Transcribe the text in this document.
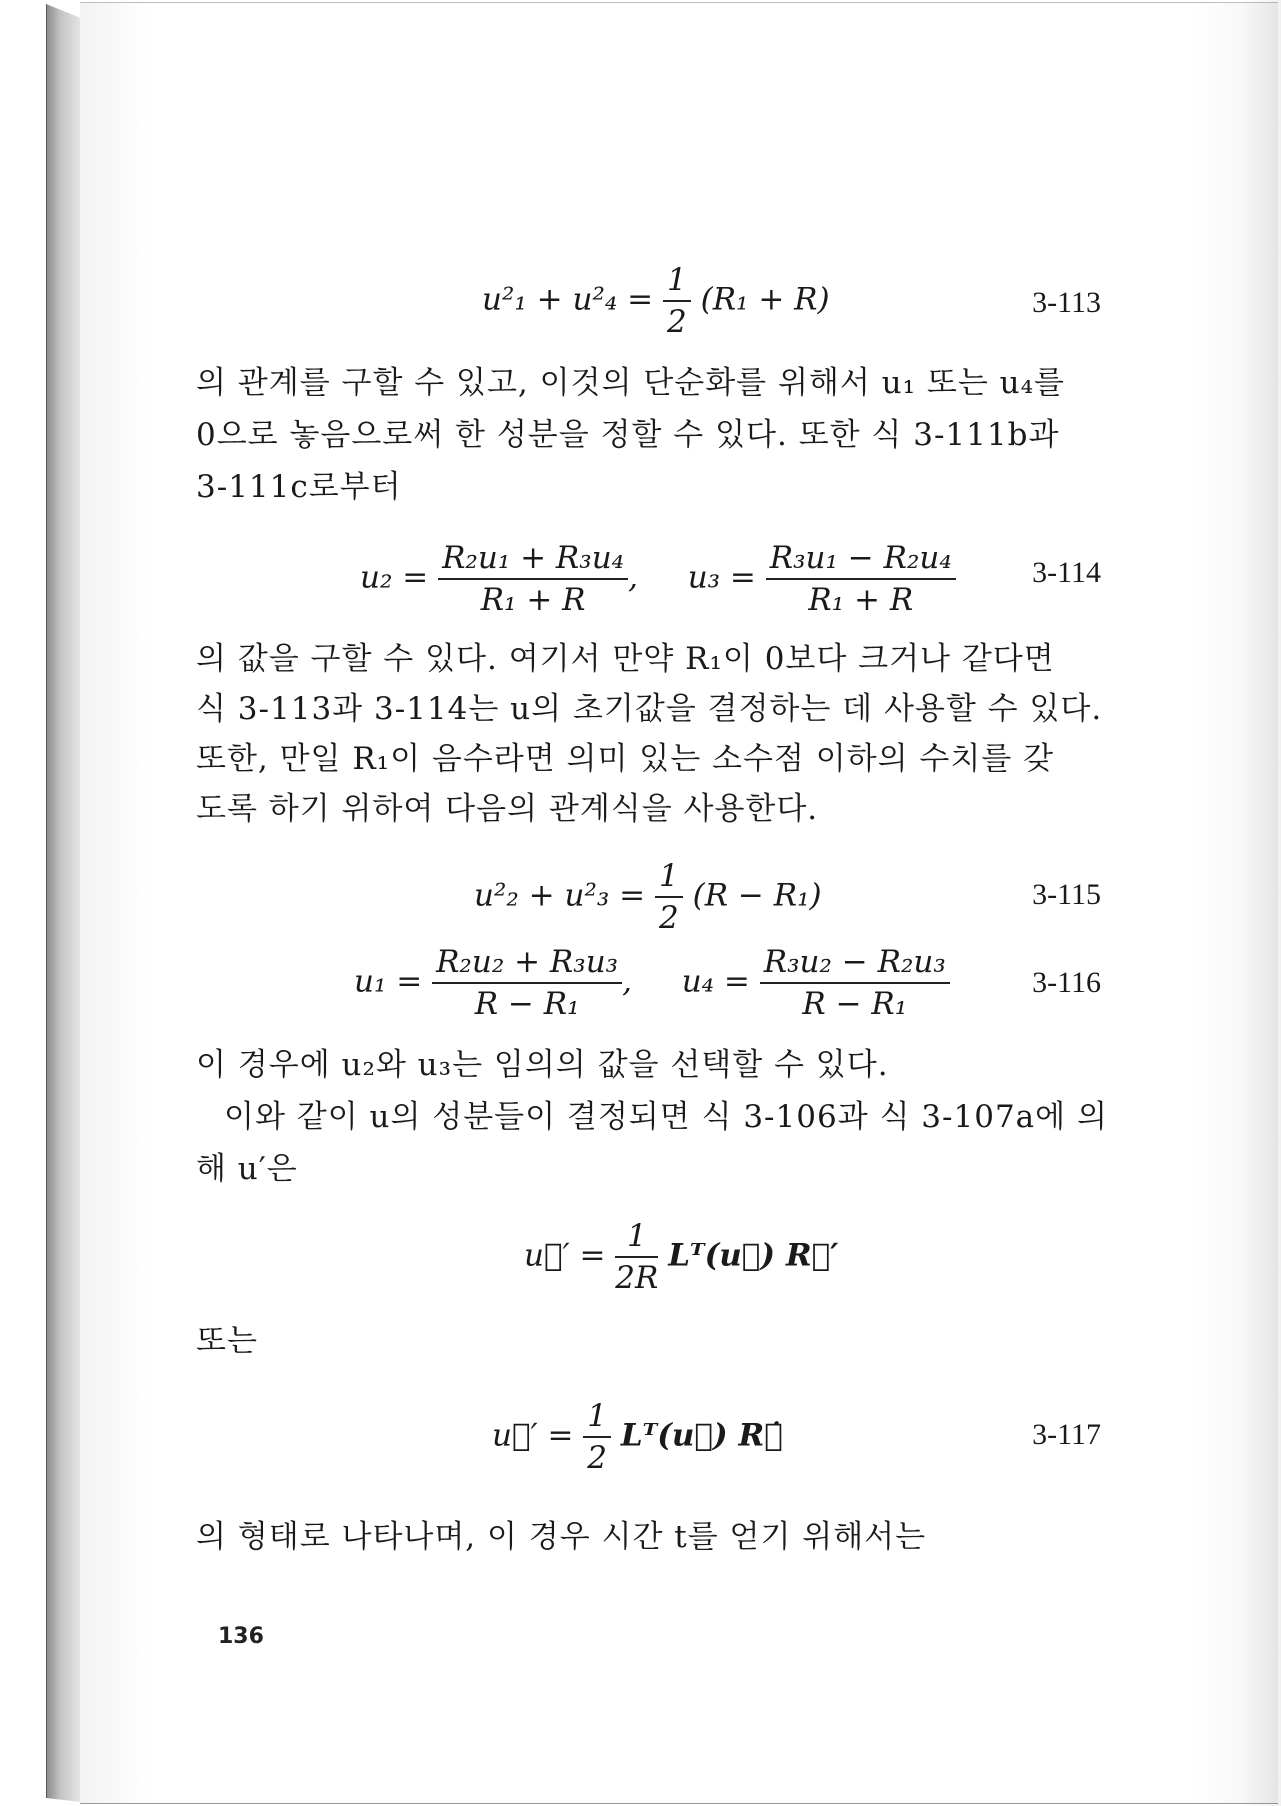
$u^2_1 + u^2_4 = \frac{1}{2} (R_1 + R)$	3-113
의 관계를 구할 수 있고, 이것의 단순화를 위해서 u₁ 또는 u₄를
0으로 놓음으로써 한 성분을 정할 수 있다. 또한 식 3-111b과
3-111c로부터
$u_2 = \frac{\text{R₂u₁ + R₃u₄}}{\text{R₁ + R}}$ , $u_3 = \frac{\text{R₃u₁ − R₂u₄}}{\text{R₁ + R}}$	3-114
의 값을 구할 수 있다. 여기서 만약 R₁이 0보다 크거나 같다면
식 3-113과 3-114는 u의 초기값을 결정하는 데 사용할 수 있다.
또한, 만일 R₁이 음수라면 의미 있는 소수점 이하의 수치를 갖
도록 하기 위하여 다음의 관계식을 사용한다.
$u^2_2 + u^2_3 = \frac{1}{2} (R - R_1)$	3-115
$u_1 = \frac{\text{R₂u₂ + R₃u₃}}{\text{R − R₁}}$ , $u_4 = \frac{\text{R₃u₂ − R₂u₃}}{\text{R − R₁}}$	3-116
이 경우에 u₂와 u₃는 임의의 값을 선택할 수 있다.
이와 같이 u의 성분들이 결정되면 식 3-106과 식 3-107a에 의
해 u′은
u⃗′ = $\frac{1}{2R}$ Lᵀ(u⃗) R⃗′
또는
u⃗′ = $\frac{1}{2}$ Lᵀ(u⃗) R⃗̇	3-117
의 형태로 나타나며, 이 경우 시간 t를 얻기 위해서는
136
